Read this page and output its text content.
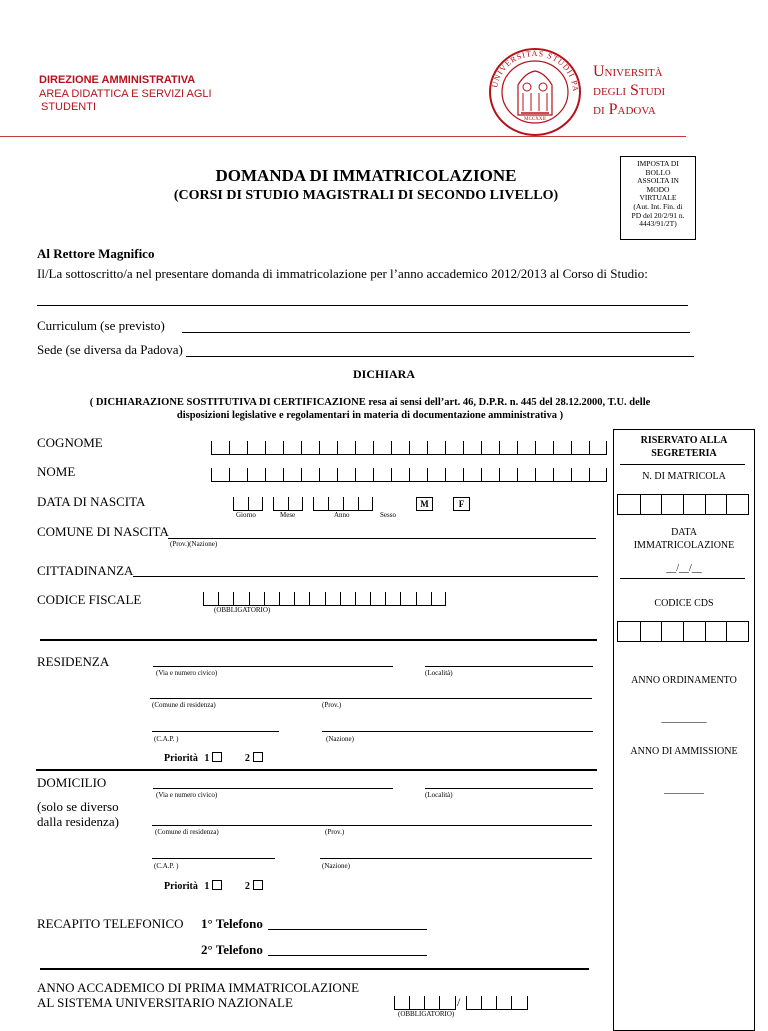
DIREZIONE AMMINISTRATIVA
AREA DIDATTICA E SERVIZI AGLI
STUDENTI
MCCXXII
UNIVERSITAS STUDII PA
Università
degli Studi
di Padova
DOMANDA DI IMMATRICOLAZIONE
(CORSI DI STUDIO MAGISTRALI DI SECONDO LIVELLO)
IMPOSTA DI
BOLLO
ASSOLTA IN
MODO
VIRTUALE
(Aut. Int. Fin. di
PD del 20/2/91 n.
4443/91/2T)
Al Rettore Magnifico
Il/La sottoscritto/a nel presentare domanda di immatricolazione per l’anno accademico 2012/2013 al Corso di Studio:
Curriculum (se previsto)
Sede (se diversa da Padova)
DICHIARA
( DICHIARAZIONE SOSTITUTIVA DI CERTIFICAZIONE resa ai sensi dell’art. 46, D.P.R. n. 445 del 28.12.2000, T.U. delle
disposizioni legislative e regolamentari in materia di documentazione amministrativa )
COGNOME
NOME
DATA DI NASCITA
Giorno	Mese	Anno	Sesso
M	F
COMUNE DI NASCITA
(Prov.)(Nazione)
CITTADINANZA
CODICE FISCALE
(OBBLIGATORIO)
RESIDENZA
(Via e numero civico)	(Località)
(Comune di residenza)	(Prov.)
(C.A.P. )	(Nazione)
Priorità 1	2
DOMICILIO
(solo se diverso
dalla residenza)
(Via e numero civico)	(Località)
(Comune di residenza)	(Prov.)
(C.A.P. )	(Nazione)
Priorità 1	2
RECAPITO TELEFONICO 1° Telefono
2° Telefono
ANNO ACCADEMICO DI PRIMA IMMATRICOLAZIONE
AL SISTEMA UNIVERSITARIO NAZIONALE	/
(OBBLIGATORIO)
RISERVATO ALLA
SEGRETERIA
N. DI MATRICOLA
DATA
IMMATRICOLAZIONE
__/__/__
CODICE CDS
ANNO ORDINAMENTO
_________
ANNO DI AMMISSIONE
________
